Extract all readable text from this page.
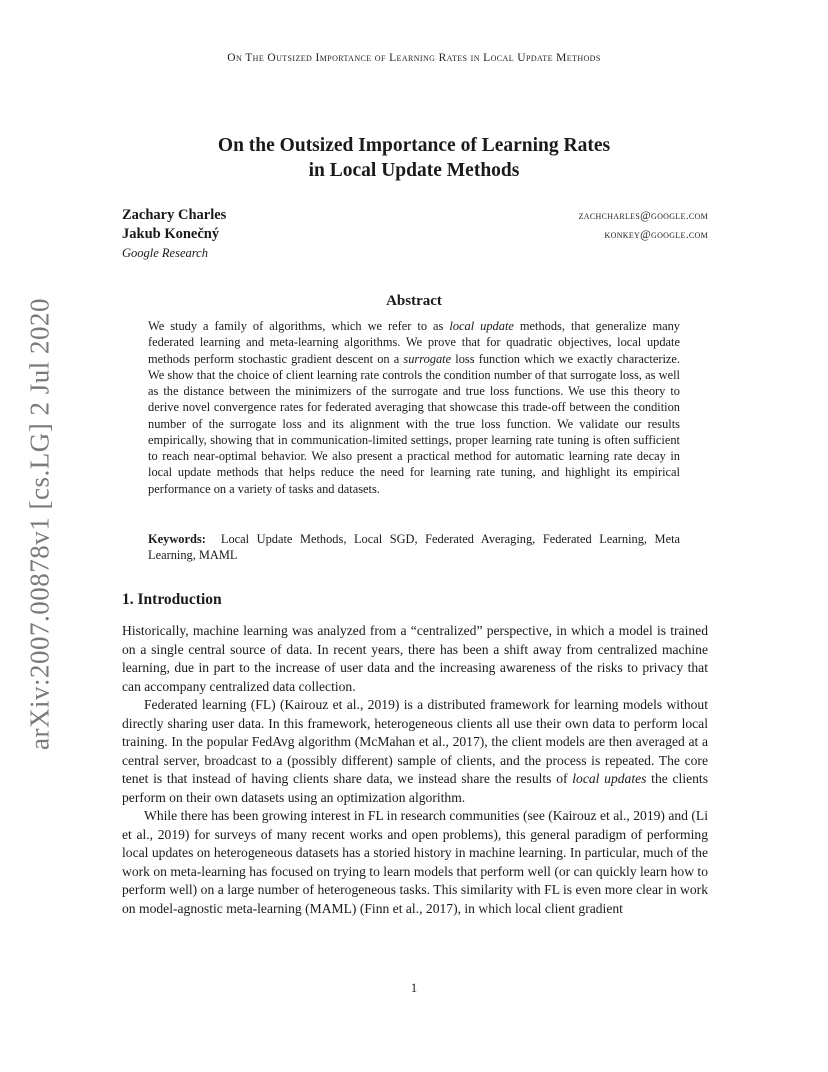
On The Outsized Importance of Learning Rates in Local Update Methods
arXiv:2007.00878v1 [cs.LG] 2 Jul 2020
On the Outsized Importance of Learning Rates
in Local Update Methods
Zachary Charles	zachcharles@google.com
Jakub Konečný	konkey@google.com
Google Research
Abstract

We study a family of algorithms, which we refer to as local update methods, that generalize many federated learning and meta-learning algorithms. We prove that for quadratic objectives, local update methods perform stochastic gradient descent on a surrogate loss function which we exactly characterize. We show that the choice of client learning rate controls the condition number of that surrogate loss, as well as the distance between the minimizers of the surrogate and true loss functions. We use this theory to derive novel convergence rates for federated averaging that showcase this trade-off between the condition number of the surrogate loss and its alignment with the true loss function. We validate our results empirically, showing that in communication-limited settings, proper learning rate tuning is often sufficient to reach near-optimal behavior. We also present a practical method for automatic learning rate decay in local update methods that helps reduce the need for learning rate tuning, and highlight its empirical performance on a variety of tasks and datasets.

Keywords: Local Update Methods, Local SGD, Federated Averaging, Federated Learning, Meta Learning, MAML

1. Introduction

Historically, machine learning was analyzed from a “centralized” perspective, in which a model is trained on a single central source of data. In recent years, there has been a shift away from centralized machine learning, due in part to the increase of user data and the increasing awareness of the risks to privacy that can accompany centralized data collection.

Federated learning (FL) (Kairouz et al., 2019) is a distributed framework for learning models without directly sharing user data. In this framework, heterogeneous clients all use their own data to perform local training. In the popular FedAvg algorithm (McMahan et al., 2017), the client models are then averaged at a central server, broadcast to a (possibly different) sample of clients, and the process is repeated. The core tenet is that instead of having clients share data, we instead share the results of local updates the clients perform on their own datasets using an optimization algorithm.

While there has been growing interest in FL in research communities (see (Kairouz et al., 2019) and (Li et al., 2019) for surveys of many recent works and open problems), this general paradigm of performing local updates on heterogeneous datasets has a storied history in machine learning. In particular, much of the work on meta-learning has focused on trying to learn models that perform well (or can quickly learn how to perform well) on a large number of heterogeneous tasks. This similarity with FL is even more clear in work on model-agnostic meta-learning (MAML) (Finn et al., 2017), in which local client gradient

1
